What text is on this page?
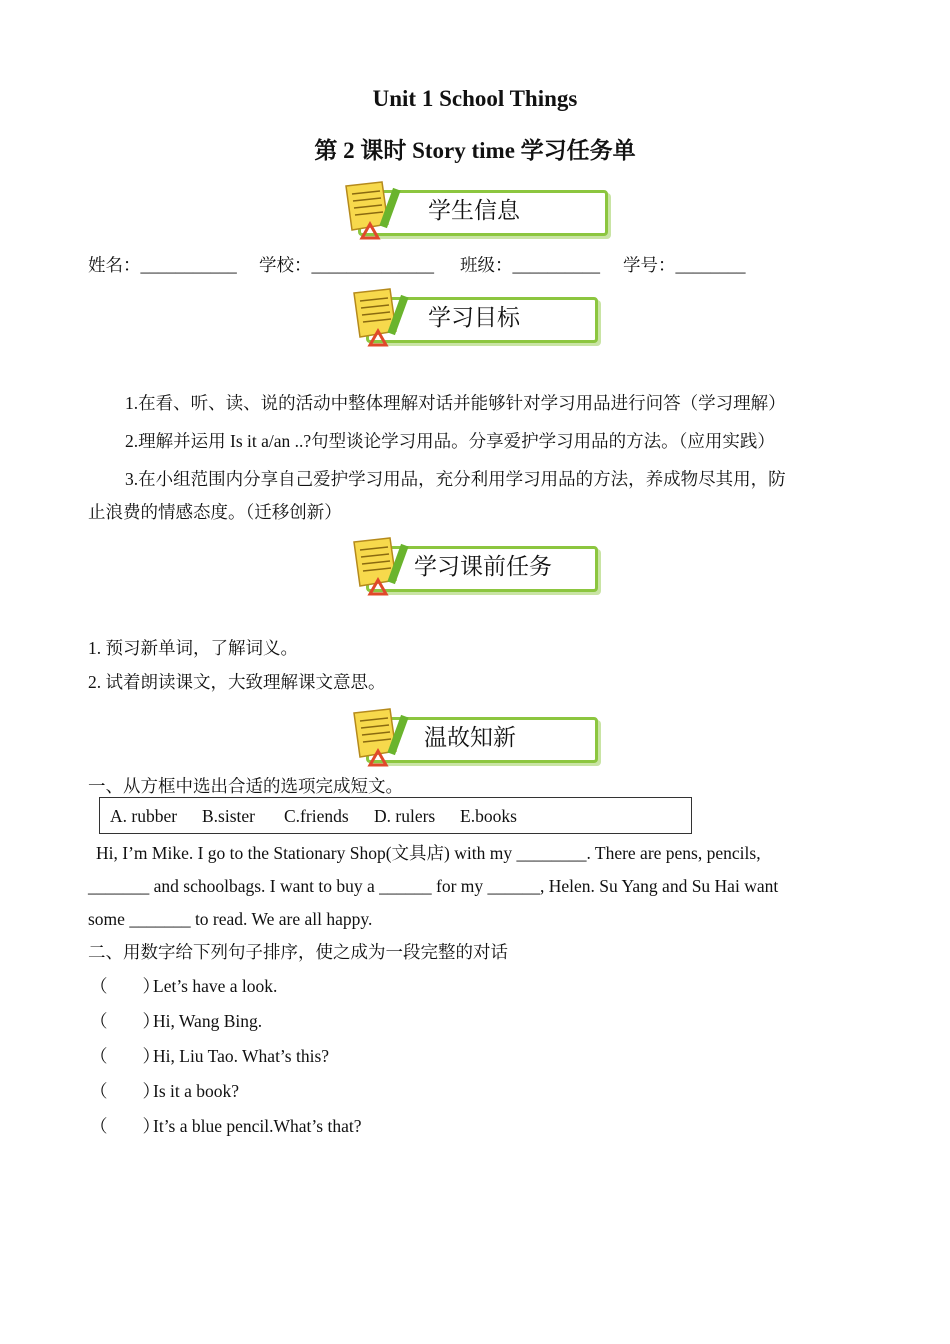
Unit 1 School Things
第 2 课时 Story time 学习任务单
学生信息
姓名：___________ 学校：______________ 班级：__________ 学号：________
学习目标
1.在看、听、读、说的活动中整体理解对话并能够针对学习用品进行问答（学习理解）
2.理解并运用 Is it a/an ..?句型谈论学习用品。分享爱护学习用品的方法。（应用实践）
3.在小组范围内分享自己爱护学习用品，充分利用学习用品的方法，养成物尽其用，防
止浪费的情感态度。（迁移创新）
学习课前任务
1. 预习新单词，了解词义。
2. 试着朗读课文，大致理解课文意思。
温故知新
一、从方框中选出合适的选项完成短文。
A. rubber B.sister C.friends D. rulers E.books
Hi, I’m Mike. I go to the Stationary Shop(文具店) with my ________. There are pens, pencils,
_______ and schoolbags. I want to buy a ______ for my ______, Helen. Su Yang and Su Hai want
some _______ to read. We are all happy.
二、用数字给下列句子排序，使之成为一段完整的对话
（　　）
Let’s have a look.
（　　）
Hi, Wang Bing.
（　　）
Hi, Liu Tao. What’s this?
（　　）
Is it a book?
（　　）
It’s a blue pencil.What’s that?
